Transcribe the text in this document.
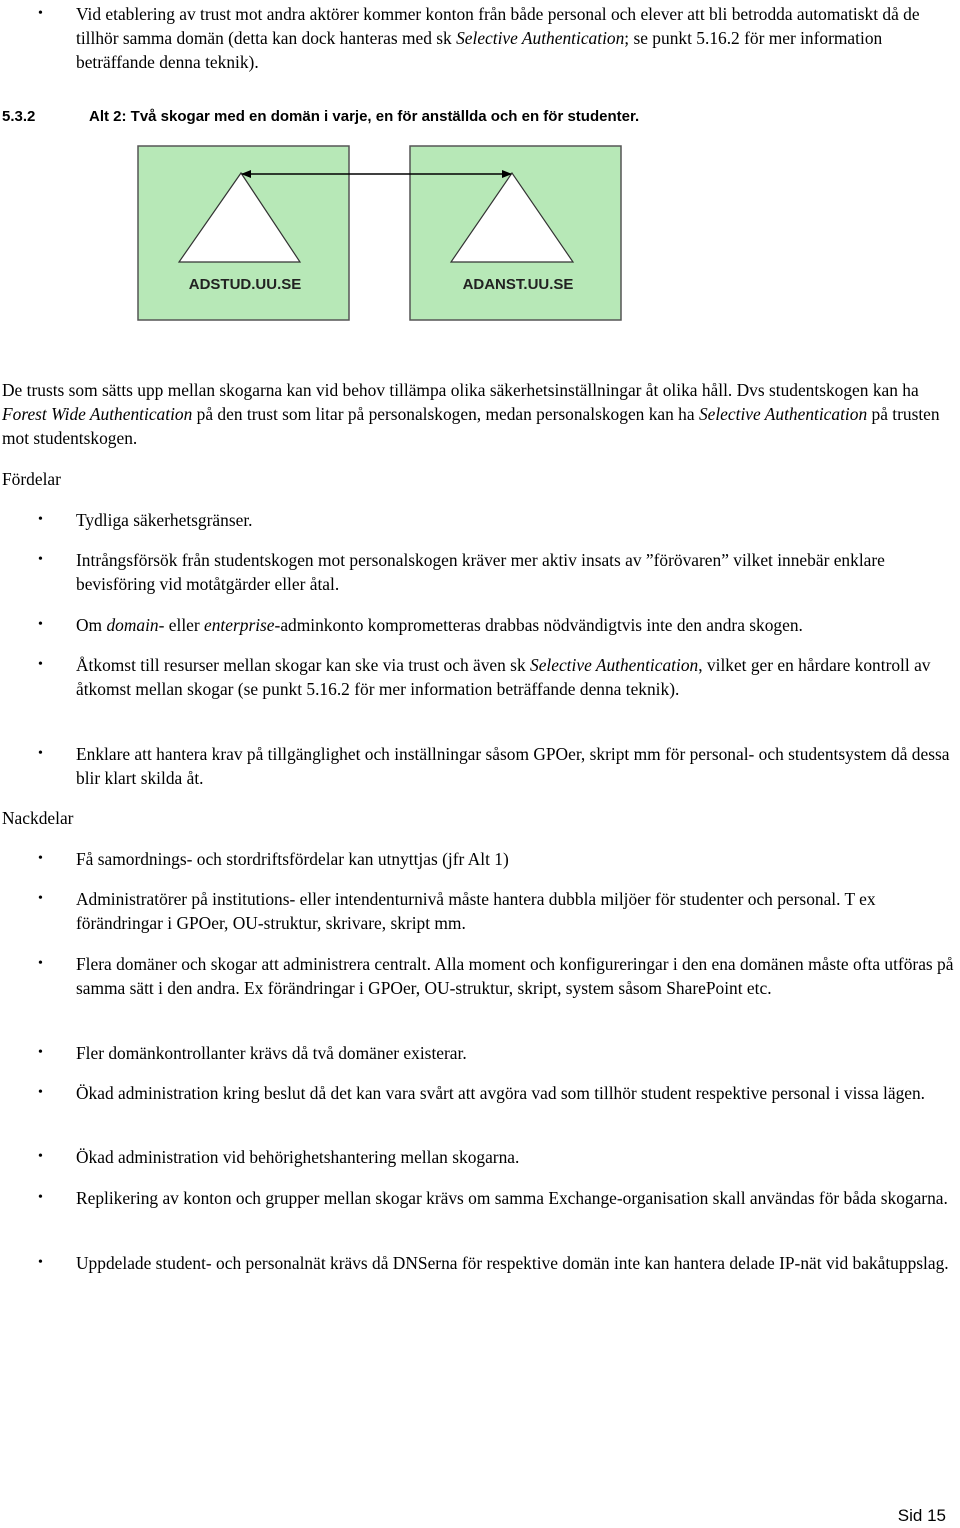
• Vid etablering av trust mot andra aktörer kommer konton från både personal och elever att bli betrodda automatiskt då de tillhör samma domän (detta kan dock hanteras med sk Selective Authentication; se punkt 5.16.2 för mer information beträffande denna teknik).
5.3.2	Alt 2: Två skogar med en domän i varje, en för anställda och en för studenter.
ADSTUD.UU.SE	ADANST.UU.SE
De trusts som sätts upp mellan skogarna kan vid behov tillämpa olika säkerhetsinställningar åt olika håll. Dvs studentskogen kan ha Forest Wide Authentication på den trust som litar på personalskogen, medan personalskogen kan ha Selective Authentication på trusten mot studentskogen.
Fördelar
• Tydliga säkerhetsgränser.
• Intrångsförsök från studentskogen mot personalskogen kräver mer aktiv insats av ”förövaren” vilket innebär enklare bevisföring vid motåtgärder eller åtal.
• Om domain- eller enterprise-adminkonto komprometteras drabbas nödvändigtvis inte den andra skogen.
• Åtkomst till resurser mellan skogar kan ske via trust och även sk Selective Authentication, vilket ger en hårdare kontroll av åtkomst mellan skogar (se punkt 5.16.2 för mer information beträffande denna teknik).
• Enklare att hantera krav på tillgänglighet och inställningar såsom GPOer, skript mm för personal- och studentsystem då dessa blir klart skilda åt.
Nackdelar
• Få samordnings- och stordriftsfördelar kan utnyttjas (jfr Alt 1)
• Administratörer på institutions- eller intendenturnivå måste hantera dubbla miljöer för studenter och personal. T ex förändringar i GPOer, OU-struktur, skrivare, skript mm.
• Flera domäner och skogar att administrera centralt. Alla moment och konfigureringar i den ena domänen måste ofta utföras på samma sätt i den andra. Ex förändringar i GPOer, OU-struktur, skript, system såsom SharePoint etc.
• Fler domänkontrollanter krävs då två domäner existerar.
• Ökad administration kring beslut då det kan vara svårt att avgöra vad som tillhör student respektive personal i vissa lägen.
• Ökad administration vid behörighetshantering mellan skogarna.
• Replikering av konton och grupper mellan skogar krävs om samma Exchange-organisation skall användas för båda skogarna.
• Uppdelade student- och personalnät krävs då DNSerna för respektive domän inte kan hantera delade IP-nät vid bakåtuppslag.
Sid 15
